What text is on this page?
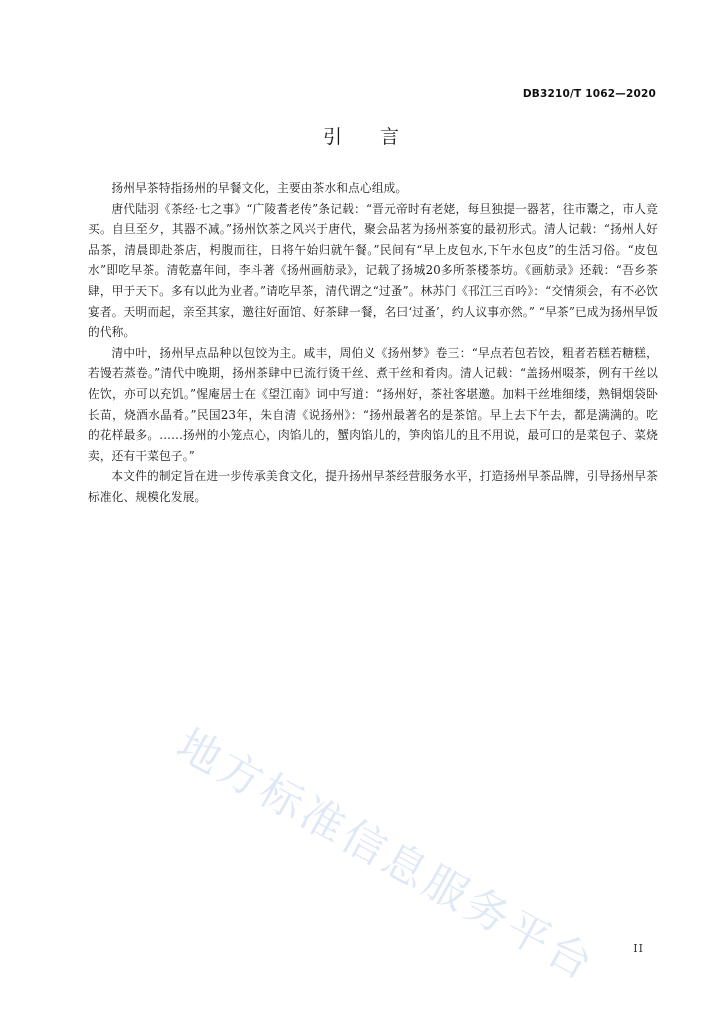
DB3210/T 1062—2020
引 言

扬州早茶特指扬州的早餐文化，主要由茶水和点心组成。

唐代陆羽《茶经·七之事》“广陵耆老传”条记载：“晋元帝时有老姥，每旦独提一器茗，往市鬻之，市人竞买。自旦至夕，其器不减。”扬州饮茶之风兴于唐代，聚会品茗为扬州茶宴的最初形式。清人记载：“扬州人好品茶，清晨即赴茶店，枵腹而往，日将午始归就午餐。”民间有“早上皮包水,下午水包皮”的生活习俗。“皮包水”即吃早茶。清乾嘉年间，李斗著《扬州画舫录》，记载了扬城20多所茶楼茶坊。《画舫录》还载：“吾乡茶肆，甲于天下。多有以此为业者。”请吃早茶，清代谓之“过蚤”。林苏门《邗江三百吟》：“交情须会，有不必饮宴者。天明而起，亲至其家，邀往好面馆、好茶肆一餐，名曰‘过蚤’，约人议事亦然。” “早茶”已成为扬州早饭的代称。

清中叶，扬州早点品种以包饺为主。咸丰，周伯义《扬州梦》卷三：“早点若包若饺，粗者若糕若糖糕，若馒若蒸卷。”清代中晚期，扬州茶肆中已流行烫干丝、煮干丝和肴肉。清人记载：“盖扬州啜茶，例有干丝以佐饮，亦可以充饥。”惺庵居士在《望江南》词中写道：“扬州好，茶社客堪邀。加料干丝堆细缕，熟铜烟袋卧长苗，烧酒水晶肴。”民国23年，朱自清《说扬州》：“扬州最著名的是茶馆。早上去下午去，都是满满的。吃的花样最多。……扬州的小笼点心，肉馅儿的，蟹肉馅儿的，笋肉馅儿的且不用说，最可口的是菜包子、菜烧卖，还有干菜包子。”

本文件的制定旨在进一步传承美食文化，提升扬州早茶经营服务水平，打造扬州早茶品牌，引导扬州早茶标准化、规模化发展。

地方标准信息服务平台	II
